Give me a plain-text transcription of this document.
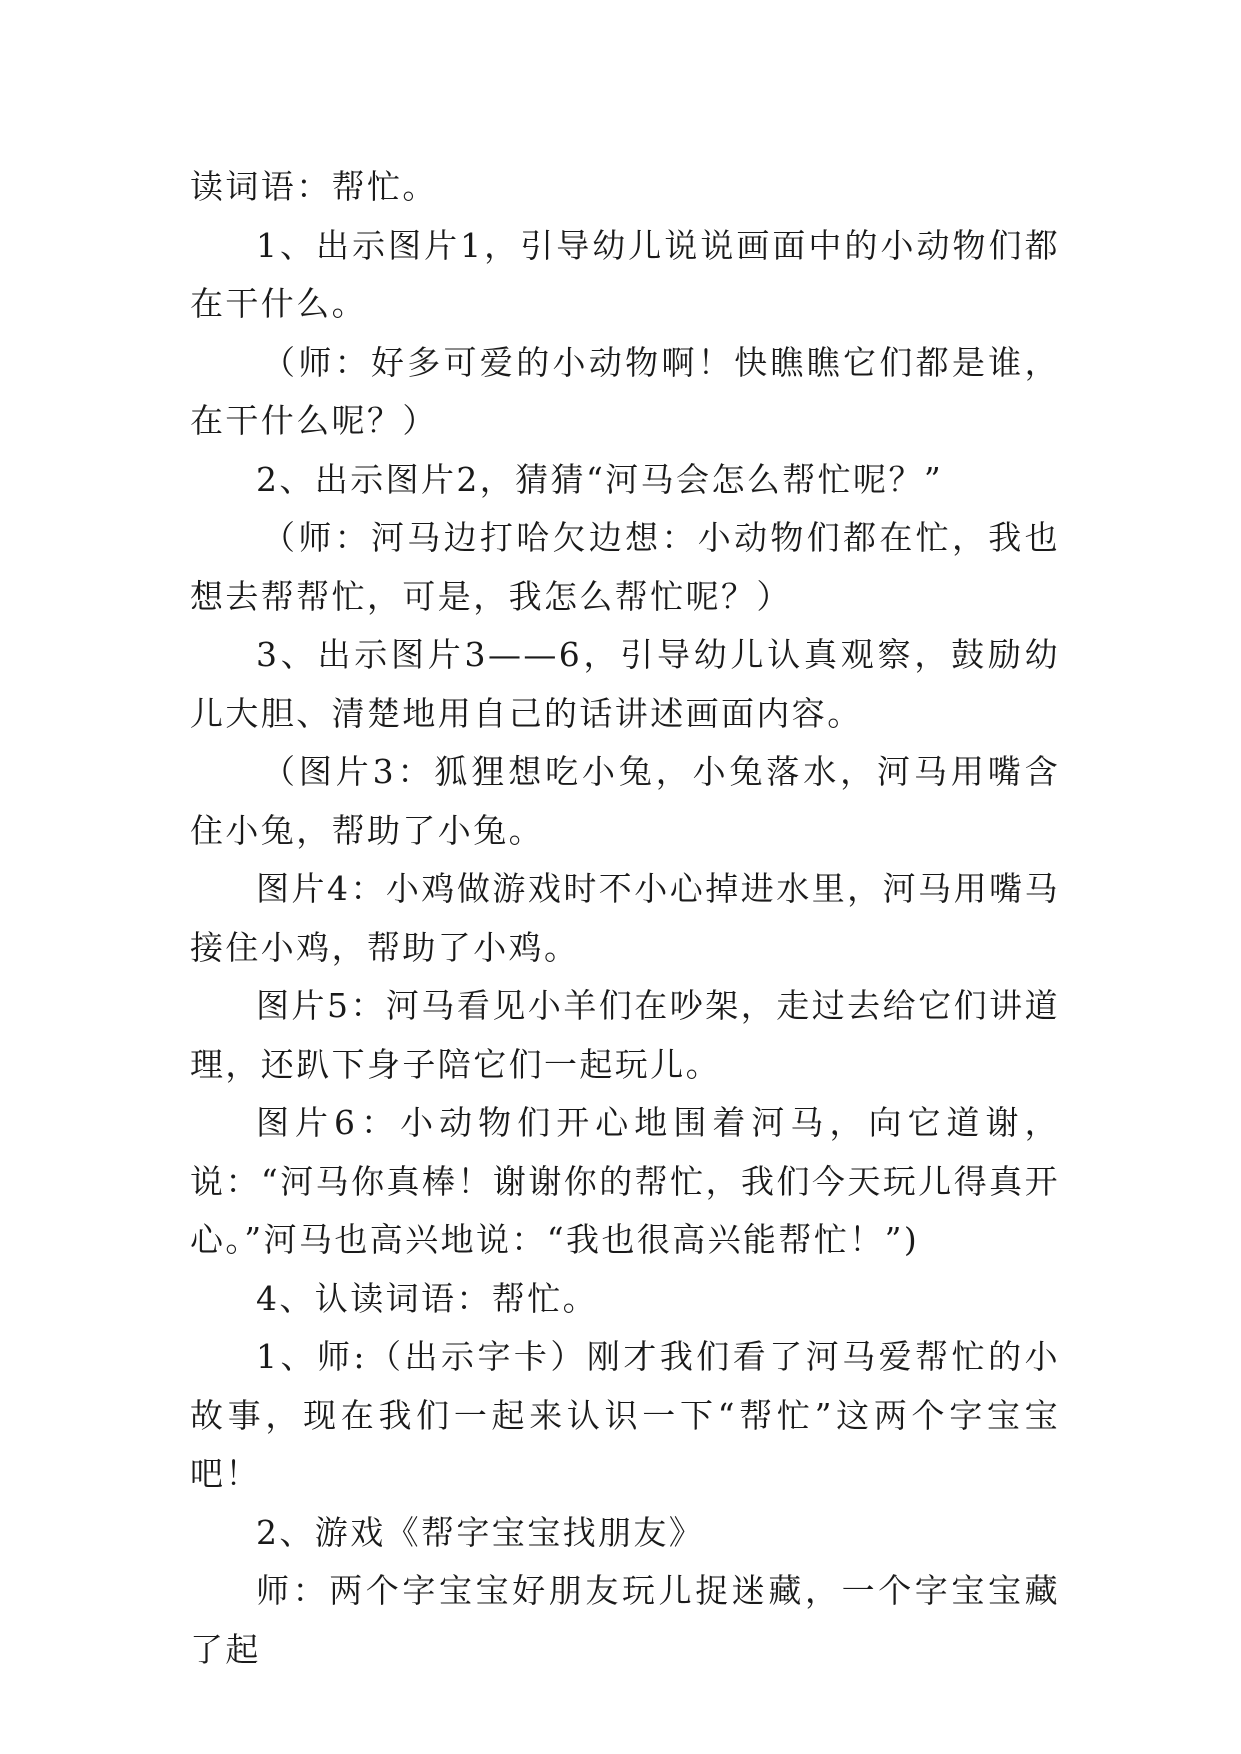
读词语：帮忙。

1、出示图片1，引导幼儿说说画面中的小动物们都在干什么。

（师：好多可爱的小动物啊！快瞧瞧它们都是谁，在干什么呢？）

2、出示图片2，猜猜“河马会怎么帮忙呢？”

（师：河马边打哈欠边想：小动物们都在忙，我也想去帮帮忙，可是，我怎么帮忙呢？）

3、出示图片3——6，引导幼儿认真观察，鼓励幼儿大胆、清楚地用自己的话讲述画面内容。

（图片3：狐狸想吃小兔，小兔落水，河马用嘴含住小兔，帮助了小兔。

图片4：小鸡做游戏时不小心掉进水里，河马用嘴马接住小鸡，帮助了小鸡。

图片5：河马看见小羊们在吵架，走过去给它们讲道理，还趴下身子陪它们一起玩儿。

图片6：小动物们开心地围着河马，向它道谢，说：“河马你真棒！谢谢你的帮忙，我们今天玩儿得真开心。”河马也高兴地说：“我也很高兴能帮忙！”)

4、认读词语：帮忙。

1、师:（出示字卡）刚才我们看了河马爱帮忙的小故事，现在我们一起来认识一下“帮忙”这两个字宝宝吧！

2、游戏《帮字宝宝找朋友》

师：两个字宝宝好朋友玩儿捉迷藏，一个字宝宝藏了起
